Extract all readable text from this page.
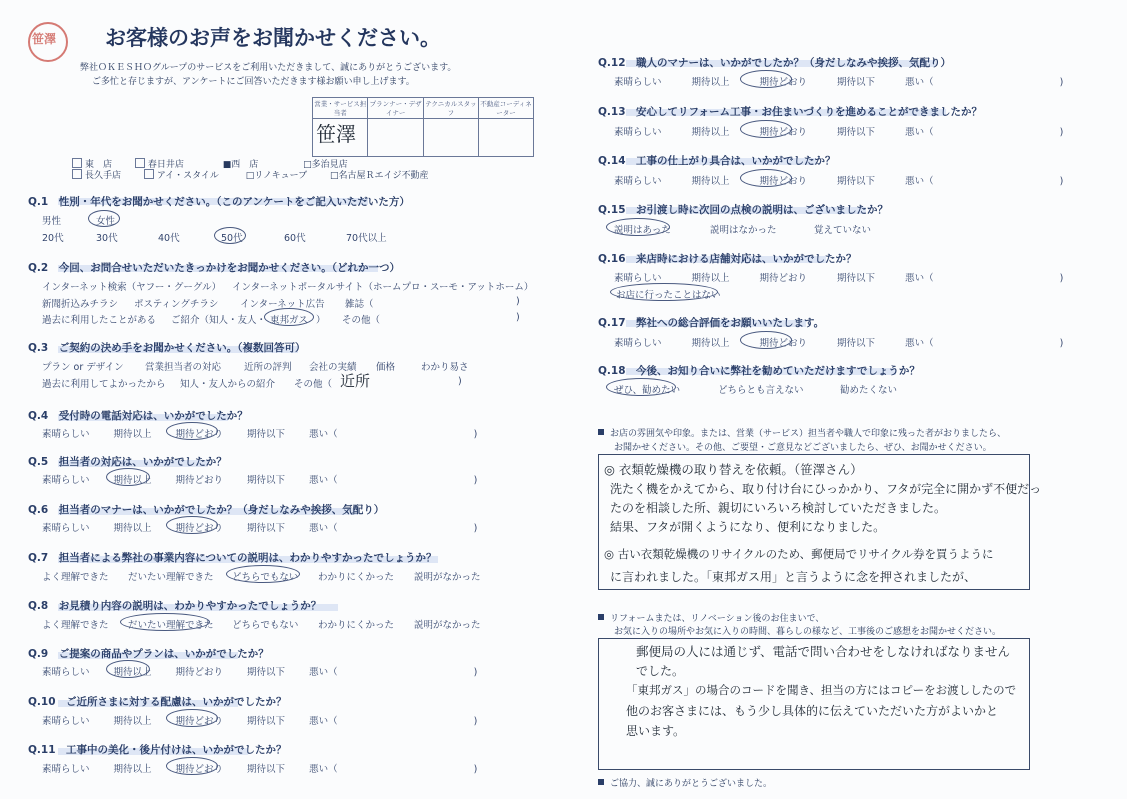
笹澤 お客様のお声をお聞かせください。
弊社ＯＫＥＳＨＯグループのサービスをご利用いただきまして、誠にありがとうございます。
ご多忙と存じますが、アンケートにご回答いただきます様お願い申し上げます。
営業・サービス担当者	プランナー・デザイナー	テクニカルスタッフ	不動産コーディネーター

笹澤
東　店	春日井店	■西　店	□多治見店
長久手店	アイ・スタイル	□リノキューブ	□名古屋Ｒエイジ不動産
Q.1　性別・年代をお聞かせください。（このアンケートをご記入いただいた方）
男性	女性
20代	30代	40代	50代	60代	70代以上
Q.2　今回、お問合せいただいたきっかけをお聞かせください。（どれか一つ）
インターネット検索（ヤフー・グーグル） インターネットポータルサイト（ホームプロ・スーモ・アットホーム）
新聞折込みチラシ ポスティングチラシ インターネット広告 雑誌（	)
過去に利用したことがある ご紹介（知人・友人・ 東邦ガス ） その他（	)
Q.3　ご契約の決め手をお聞かせください。（複数回答可）
プラン or デザイン 営業担当者の対応 近所の評判 会社の実績 価格	わかり易さ
過去に利用してよかったから 知人・友人からの紹介 その他（ 近所	)
Q.4　受付時の電話対応は、いかがでしたか？
素晴らしい	期待以上	期待どおり	期待以下	悪い（	)
Q.5　担当者の対応は、いかがでしたか？
素晴らしい	期待以上	期待どおり	期待以下	悪い（	)
Q.6　担当者のマナーは、いかがでしたか？（身だしなみや挨拶、気配り）
素晴らしい	期待以上	期待どおり	期待以下	悪い（	)
Q.7　担当者による弊社の事業内容についての説明は、わかりやすかったでしょうか？
よく理解できた だいたい理解できた どちらでもない わかりにくかった 説明がなかった
Q.8　お見積り内容の説明は、わかりやすかったでしょうか？
よく理解できた だいたい理解できた どちらでもない わかりにくかった 説明がなかった
Q.9　ご提案の商品やプランは、いかがでしたか？
素晴らしい	期待以上	期待どおり	期待以下	悪い（	)
Q.10　ご近所さまに対する配慮は、いかがでしたか？
素晴らしい	期待以上	期待どおり	期待以下	悪い（	)
Q.11　工事中の美化・後片付けは、いかがでしたか？
素晴らしい	期待以上	期待どおり	期待以下	悪い（	)
Q.12　職人のマナーは、いかがでしたか？（身だしなみや挨拶、気配り）
素晴らしい	期待以上	期待どおり	期待以下	悪い（	)
Q.13　安心してリフォーム工事・お住まいづくりを進めることができましたか？
素晴らしい	期待以上	期待どおり	期待以下	悪い（	)
Q.14　工事の仕上がり具合は、いかがでしたか？
素晴らしい	期待以上	期待どおり	期待以下	悪い（	)
Q.15　お引渡し時に次回の点検の説明は、ございましたか？
説明はあった	説明はなかった	覚えていない
Q.16　来店時における店舗対応は、いかがでしたか？
素晴らしい	期待以上	期待どおり	期待以下	悪い（	)
お店に行ったことはない
Q.17　弊社への総合評価をお願いいたします。
素晴らしい	期待以上	期待どおり	期待以下	悪い（	)
Q.18　今後、お知り合いに弊社を勧めていただけますでしょうか？
ぜひ、勧めたい	どちらとも言えない	勧めたくない
お店の雰囲気や印象。または、営業（サービス）担当者や職人で印象に残った者がおりましたら、
お聞かせください。その他、ご要望・ご意見などございましたら、ぜひ、お聞かせください。
◎ 衣類乾燥機の取り替えを依頼。（笹澤さん）
洗たく機をかえてから、取り付け台にひっかかり、フタが完全に開かず不便だっ
たのを相談した所、親切にいろいろ検討していただきました。
結果、フタが開くようになり、便利になりました。
◎ 古い衣類乾燥機のリサイクルのため、郵便局でリサイクル券を買うように
に言われました。「東邦ガス用」と言うように念を押されましたが、
リフォームまたは、リノベーション後のお住まいで、
お気に入りの場所やお気に入りの時間、暮らしの様など、工事後のご感想をお聞かせください。
郵便局の人には通じず、電話で問い合わせをしなければなりません
でした。
「東邦ガス」の場合のコードを聞き、担当の方にはコピーをお渡ししたので
他のお客さまには、もう少し具体的に伝えていただいた方がよいかと
思います。
ご協力、誠にありがとうございました。
